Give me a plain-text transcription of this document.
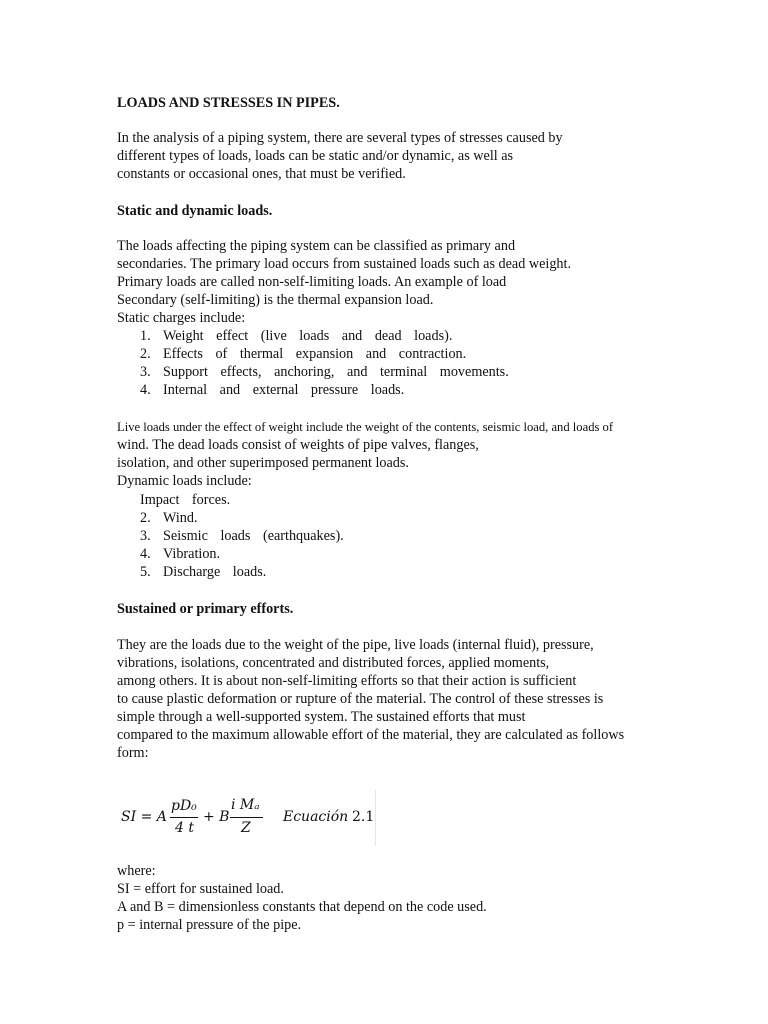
LOADS AND STRESSES IN PIPES.
In the analysis of a piping system, there are several types of stresses caused by
different types of loads, loads can be static and/or dynamic, as well as
constants or occasional ones, that must be verified.
Static and dynamic loads.
The loads affecting the piping system can be classified as primary and
secondaries. The primary load occurs from sustained loads such as dead weight.
Primary loads are called non-self-limiting loads. An example of load
Secondary (self-limiting) is the thermal expansion load.
Static charges include:
1. Weight effect (live loads and dead loads).
2. Effects of thermal expansion and contraction.
3. Support effects, anchoring, and terminal movements.
4. Internal and external pressure loads.
Live loads under the effect of weight include the weight of the contents, seismic load, and loads of
wind. The dead loads consist of weights of pipe valves, flanges,
isolation, and other superimposed permanent loads.
Dynamic loads include:
Impact forces.
2. Wind.
3. Seismic loads (earthquakes).
4. Vibration.
5. Discharge loads.
Sustained or primary efforts.
They are the loads due to the weight of the pipe, live loads (internal fluid), pressure,
vibrations, isolations, concentrated and distributed forces, applied moments,
among others. It is about non-self-limiting efforts so that their action is sufficient
to cause plastic deformation or rupture of the material. The control of these stresses is
simple through a well-supported system. The sustained efforts that must
compared to the maximum allowable effort of the material, they are calculated as follows
form:
SI = A
pD₀
4 t
+ B
i Mₐ
Z
Ecuación 2.1
where:
SI = effort for sustained load.
A and B = dimensionless constants that depend on the code used.
p = internal pressure of the pipe.
